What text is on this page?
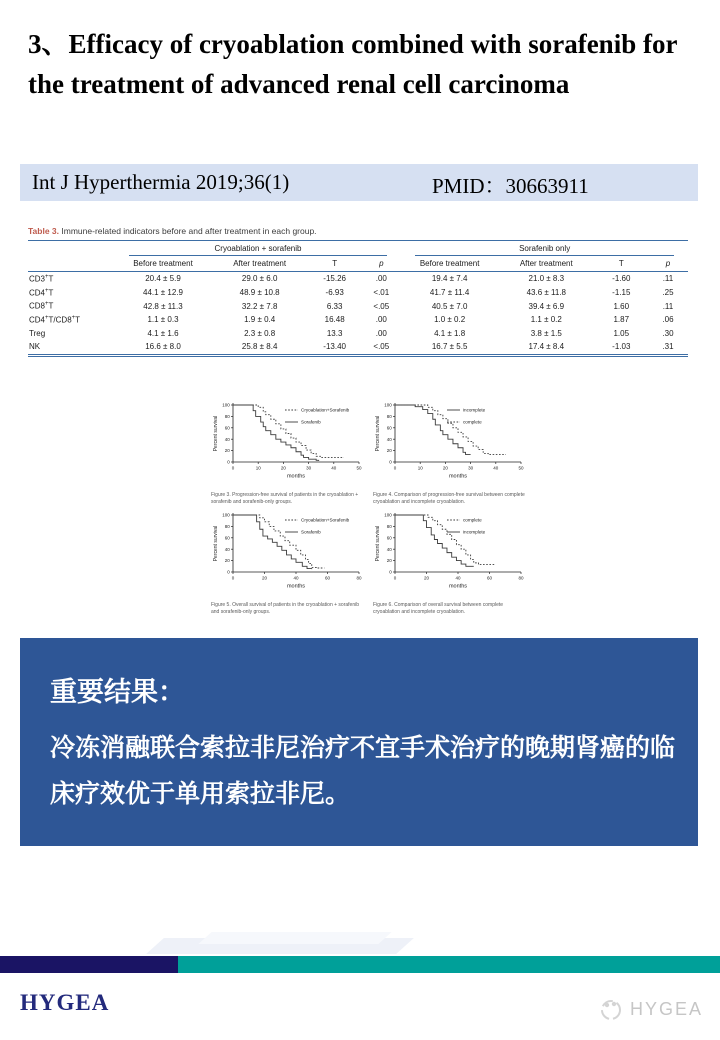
3、Efficacy of cryoablation combined with sorafenib for the treatment of advanced renal cell carcinoma
Int J Hyperthermia 2019;36(1)	PMID：30663911
Table 3. Immune-related indicators before and after treatment in each group.

	Cryoablation + sorafenib				Sorafenib only			

	Before treatment	After treatment	T	p	Before treatment	After treatment	T	p
CD3+T	20.4 ± 5.9	29.0 ± 6.0	-15.26	.00	19.4 ± 7.4	21.0 ± 8.3	-1.60	.11
CD4+T	44.1 ± 12.9	48.9 ± 10.8	-6.93	<.01	41.7 ± 11.4	43.6 ± 11.8	-1.15	.25
CD8+T	42.8 ± 11.3	32.2 ± 7.8	6.33	<.05	40.5 ± 7.0	39.4 ± 6.9	1.60	.11
CD4+T/CD8+T	1.1 ± 0.3	1.9 ± 0.4	16.48	.00	1.0 ± 0.2	1.1 ± 0.2	1.87	.06
Treg	4.1 ± 1.6	2.3 ± 0.8	13.3	.00	4.1 ± 1.8	3.8 ± 1.5	1.05	.30
NK	16.6 ± 8.0	25.8 ± 8.4	-13.40	<.05	16.7 ± 5.5	17.4 ± 8.4	-1.03	.31
0
20
40
60
80
100
0	10	20	30	40	50
months
Percent survival
Cryoablation+Sorafenib
Sorafenib
Figure 3. Progression-free survival of patients in the cryoablation + sorafenib and sorafenib-only groups.
0
20
40
60
80
100
0	10	20	30	40	50
months
Percent survival
incomplete
complete
Figure 4. Comparison of progression-free survival between complete cryoablation and incomplete cryoablation.
0
20
40
60
80
100
0	20	40	60	80
months
Percent survival
Cryoablation+Sorafenib
Sorafenib
Figure 5. Overall survival of patients in the cryoablation + sorafenib and sorafenib-only groups.
0
20
40
60
80
100
0	20	40	60	80
months
Percent survival
complete
incomplete
Figure 6. Comparison of overall survival between complete cryoablation and incomplete cryoablation.
重要结果：
冷冻消融联合索拉非尼治疗不宜手术治疗的晚期肾癌的临床疗效优于单用索拉非尼。
HYGEA	HYGEA
